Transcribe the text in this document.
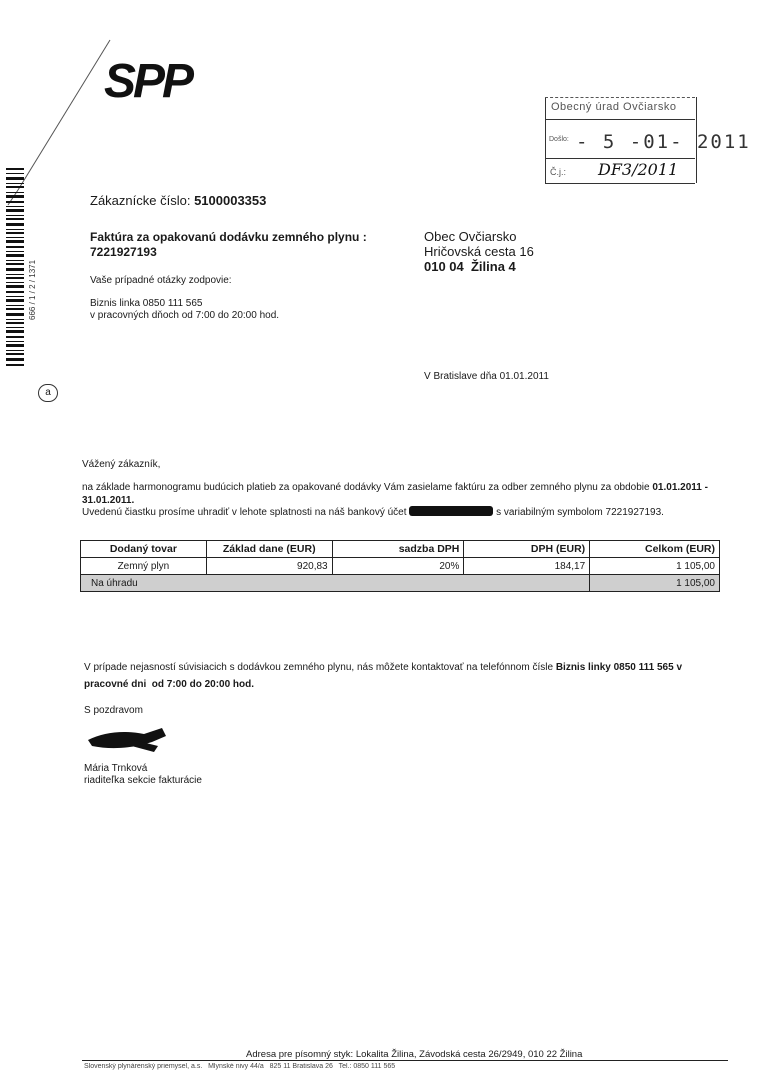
SPP
666 / 1 / 2 / 1371
a
Obecný úrad Ovčiarsko
Došlo: - 5 -01- 2011
Č.j.: DF3/2011
Zákaznícke číslo: 5100003353
Faktúra za opakovanú dodávku zemného plynu :
7221927193
Vaše prípadné otázky zodpovie:
Biznis linka 0850 111 565
v pracovných dňoch od 7:00 do 20:00 hod.
Obec Ovčiarsko
Hričovská cesta 16
010 04  Žilina 4
V Bratislave dňa 01.01.2011
Vážený zákazník,
na základe harmonogramu budúcich platieb za opakované dodávky Vám zasielame faktúru za odber zemného plynu za obdobie 01.01.2011 - 31.01.2011.
Uvedenú čiastku prosíme uhradiť v lehote splatnosti na náš bankový účet	s variabilným symbolom 7221927193.
Dodaný tovar	Základ dane (EUR)	sadzba DPH	DPH (EUR)	Celkom (EUR)
Zemný plyn	920,83	20%	184,17	1 105,00
Na úhradu				1 105,00
V prípade nejasností súvisiacich s dodávkou zemného plynu, nás môžete kontaktovať na telefónnom čísle Biznis linky 0850 111 565 v
pracovné dni  od 7:00 do 20:00 hod.
S pozdravom
Mária Trnková
riaditeľka sekcie fakturácie
Adresa pre písomný styk: Lokalita Žilina, Závodská cesta 26/2949, 010 22 Žilina
Slovenský plynárenský priemysel, a.s.   Mlynské nivy 44/a   825 11 Bratislava 26   Tel.: 0850 111 565
